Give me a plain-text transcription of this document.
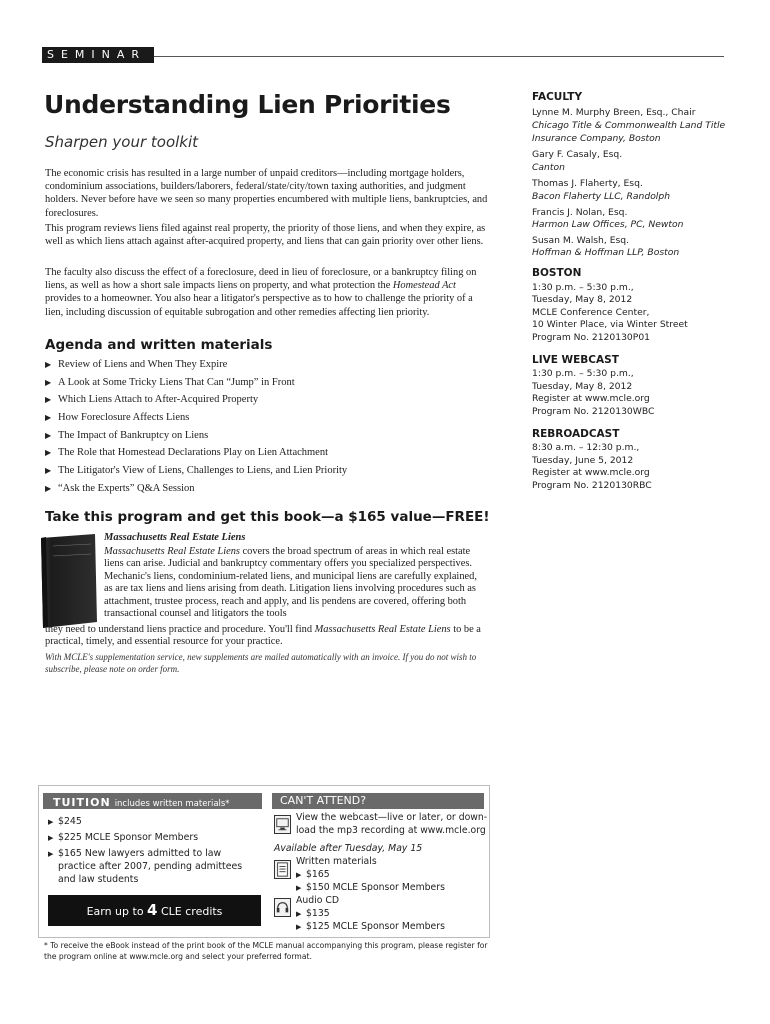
SEMINAR
Understanding Lien Priorities
Sharpen your toolkit

The economic crisis has resulted in a large number of unpaid creditors—including mortgage holders, condominium associations, builders/laborers, federal/state/city/town taxing authorities, and judgment holders. Never before have we seen so many properties encumbered with multiple liens, bankruptcies, and foreclosures.

This program reviews liens filed against real property, the priority of those liens, and when they expire, as well as which liens attach against after-acquired property, and liens that can gain priority over other liens.

The faculty also discuss the effect of a foreclosure, deed in lieu of foreclosure, or a bankruptcy filing on liens, as well as how a short sale impacts liens on property, and what protection the Homestead Act provides to a homeowner. You also hear a litigator's perspective as to how to challenge the priority of a lien, including discussion of equitable subrogation and other remedies affecting lien priority.

Agenda and written materials
▶ Review of Liens and When They Expire
▶ A Look at Some Tricky Liens That Can “Jump” in Front
▶ Which Liens Attach to After-Acquired Property
▶ How Foreclosure Affects Liens
▶ The Impact of Bankruptcy on Liens
▶ The Role that Homestead Declarations Play on Lien Attachment
▶ The Litigator's View of Liens, Challenges to Liens, and Lien Priority
▶ “Ask the Experts” Q&A Session
Take this program and get this book—a $165 value—FREE!
Massachusetts Real Estate Liens

Massachusetts Real Estate Liens covers the broad spectrum of areas in which real estate liens can arise. Judicial and bankruptcy commentary offers you specialized perspectives. Mechanic's liens, condominium-related liens, and municipal liens are carefully explained, as are tax liens and liens arising from death. Litigation liens involving procedures such as attachment, trustee process, reach and apply, and lis pendens are covered, offering both transactional counsel and litigators the tools

they need to understand liens practice and procedure. You'll find Massachusetts Real Estate Liens to be a practical, timely, and essential resource for your practice.

With MCLE's supplementation service, new supplements are mailed automatically with an invoice. If you do not wish to subscribe, please note on order form.

FACULTY
Lynne M. Murphy Breen, Esq., Chair
Chicago Title & Commonwealth Land Title
Insurance Company, Boston
Gary F. Casaly, Esq.
Canton
Thomas J. Flaherty, Esq.
Bacon Flaherty LLC, Randolph
Francis J. Nolan, Esq.
Harmon Law Offices, PC, Newton
Susan M. Walsh, Esq.
Hoffman & Hoffman LLP, Boston
BOSTON
1:30 p.m. – 5:30 p.m.,
Tuesday, May 8, 2012
MCLE Conference Center,
10 Winter Place, via Winter Street
Program No. 2120130P01
LIVE WEBCAST
1:30 p.m. – 5:30 p.m.,
Tuesday, May 8, 2012
Register at www.mcle.org
Program No. 2120130WBC
REBROADCAST
8:30 a.m. – 12:30 p.m.,
Tuesday, June 5, 2012
Register at www.mcle.org
Program No. 2120130RBC
TUITION includes written materials*	CAN'T ATTEND?
▶ $245
▶ $225 MCLE Sponsor Members
▶ $165 New lawyers admitted to law
practice after 2007, pending admittees
and law students
Earn up to 4 CLE credits
View the webcast—live or later, or down-
load the mp3 recording at www.mcle.org
Available after Tuesday, May 15
Written materials
▶ $165
▶ $150 MCLE Sponsor Members
Audio CD
▶ $135
▶ $125 MCLE Sponsor Members

* To receive the eBook instead of the print book of the MCLE manual accompanying this program, please register for the program online at www.mcle.org and select your preferred format.
